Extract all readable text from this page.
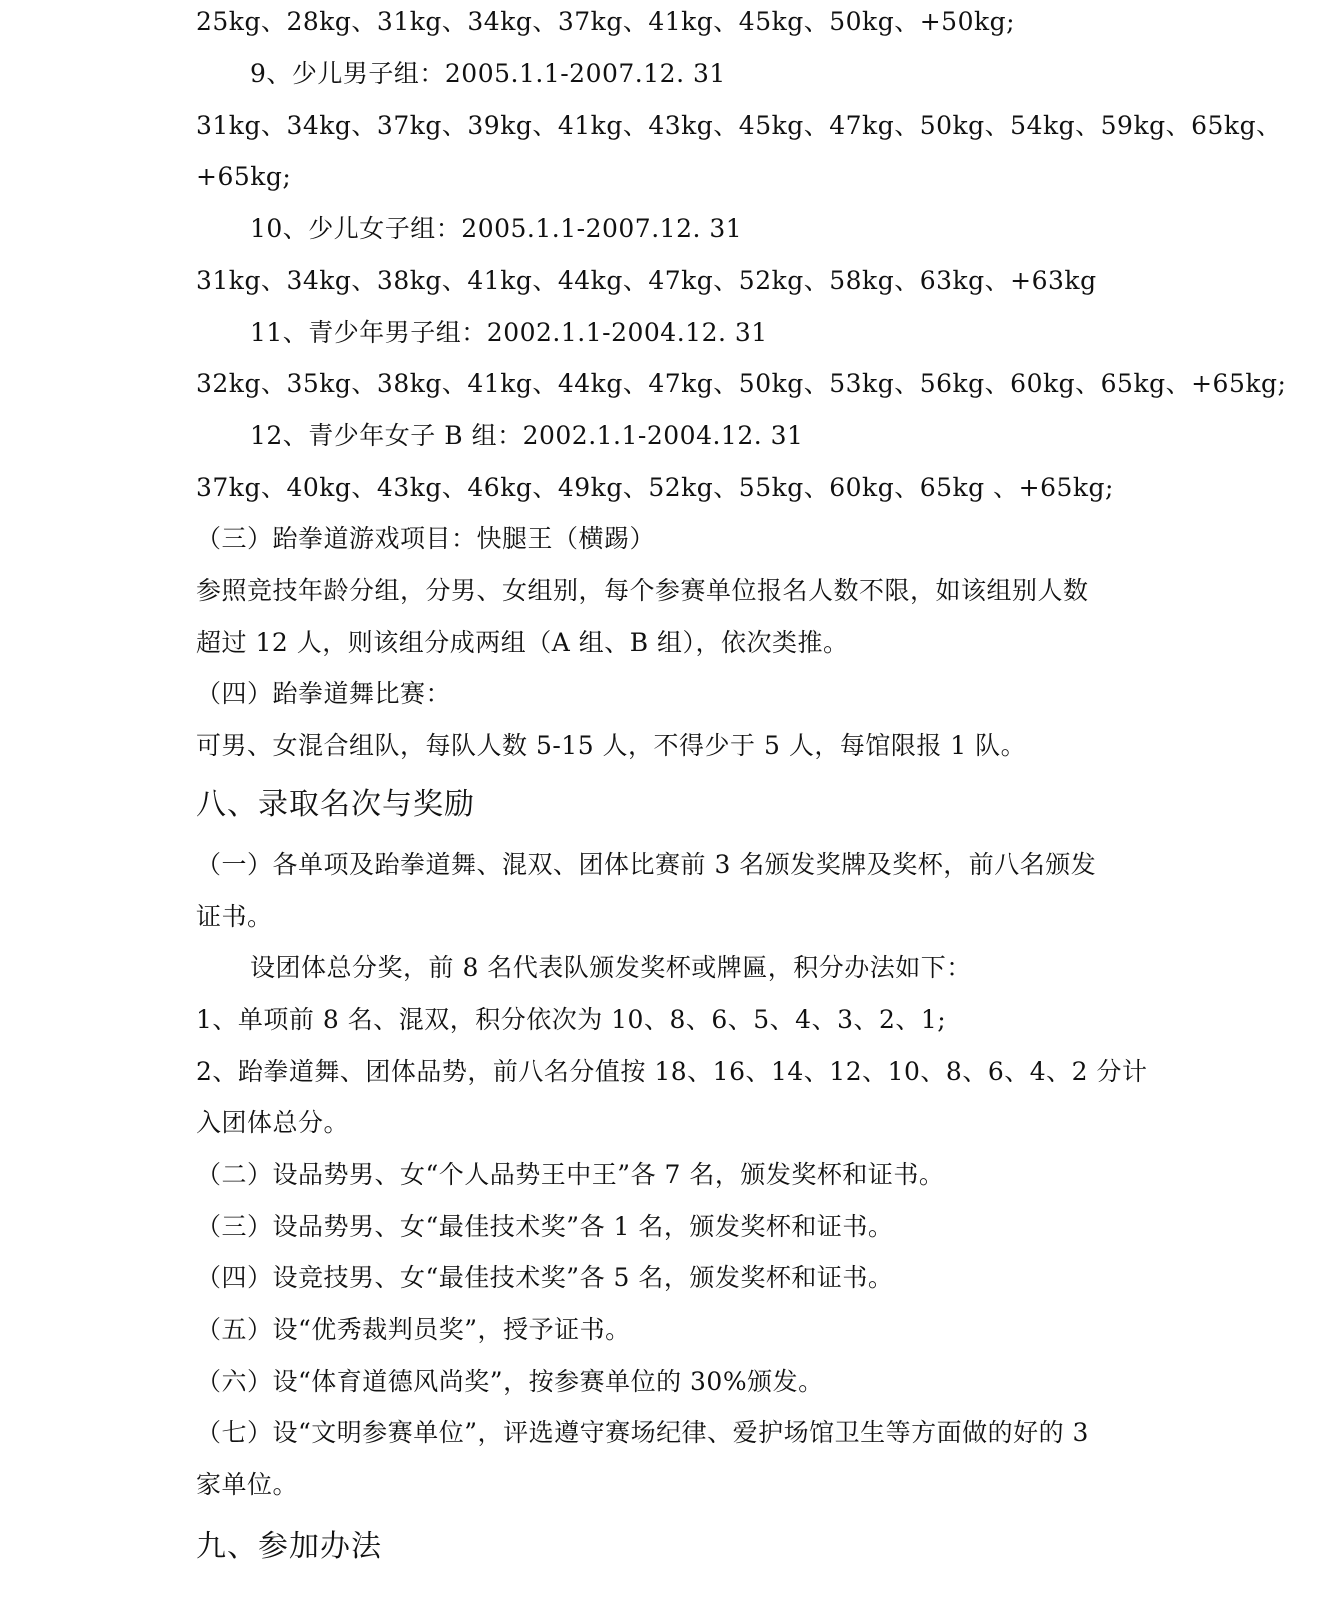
25kg、28kg、31kg、34kg、37kg、41kg、45kg、50kg、+50kg;
9、少儿男子组：2005.1.1-2007.12. 31
31kg、34kg、37kg、39kg、41kg、43kg、45kg、47kg、50kg、54kg、59kg、65kg、
+65kg;
10、少儿女子组：2005.1.1-2007.12. 31
31kg、34kg、38kg、41kg、44kg、47kg、52kg、58kg、63kg、+63kg
11、青少年男子组：2002.1.1-2004.12. 31
32kg、35kg、38kg、41kg、44kg、47kg、50kg、53kg、56kg、60kg、65kg、+65kg;
12、青少年女子 B 组：2002.1.1-2004.12. 31
37kg、40kg、43kg、46kg、49kg、52kg、55kg、60kg、65kg 、+65kg;
（三）跆拳道游戏项目：快腿王（横踢）
参照竞技年龄分组，分男、女组别，每个参赛单位报名人数不限，如该组别人数
超过 12 人，则该组分成两组（A 组、B 组），依次类推。
（四）跆拳道舞比赛：
可男、女混合组队，每队人数 5-15 人，不得少于 5 人，每馆限报 1 队。
八、录取名次与奖励
（一）各单项及跆拳道舞、混双、团体比赛前 3 名颁发奖牌及奖杯，前八名颁发
证书。
设团体总分奖，前 8 名代表队颁发奖杯或牌匾，积分办法如下：
1、单项前 8 名、混双，积分依次为 10、8、6、5、4、3、2、1;
2、跆拳道舞、团体品势，前八名分值按 18、16、14、12、10、8、6、4、2 分计
入团体总分。
（二）设品势男、女“个人品势王中王”各 7 名，颁发奖杯和证书。
（三）设品势男、女“最佳技术奖”各 1 名，颁发奖杯和证书。
（四）设竞技男、女“最佳技术奖”各 5 名，颁发奖杯和证书。
（五）设“优秀裁判员奖”，授予证书。
（六）设“体育道德风尚奖”，按参赛单位的 30%颁发。
（七）设“文明参赛单位”，评选遵守赛场纪律、爱护场馆卫生等方面做的好的 3
家单位。
九、参加办法
